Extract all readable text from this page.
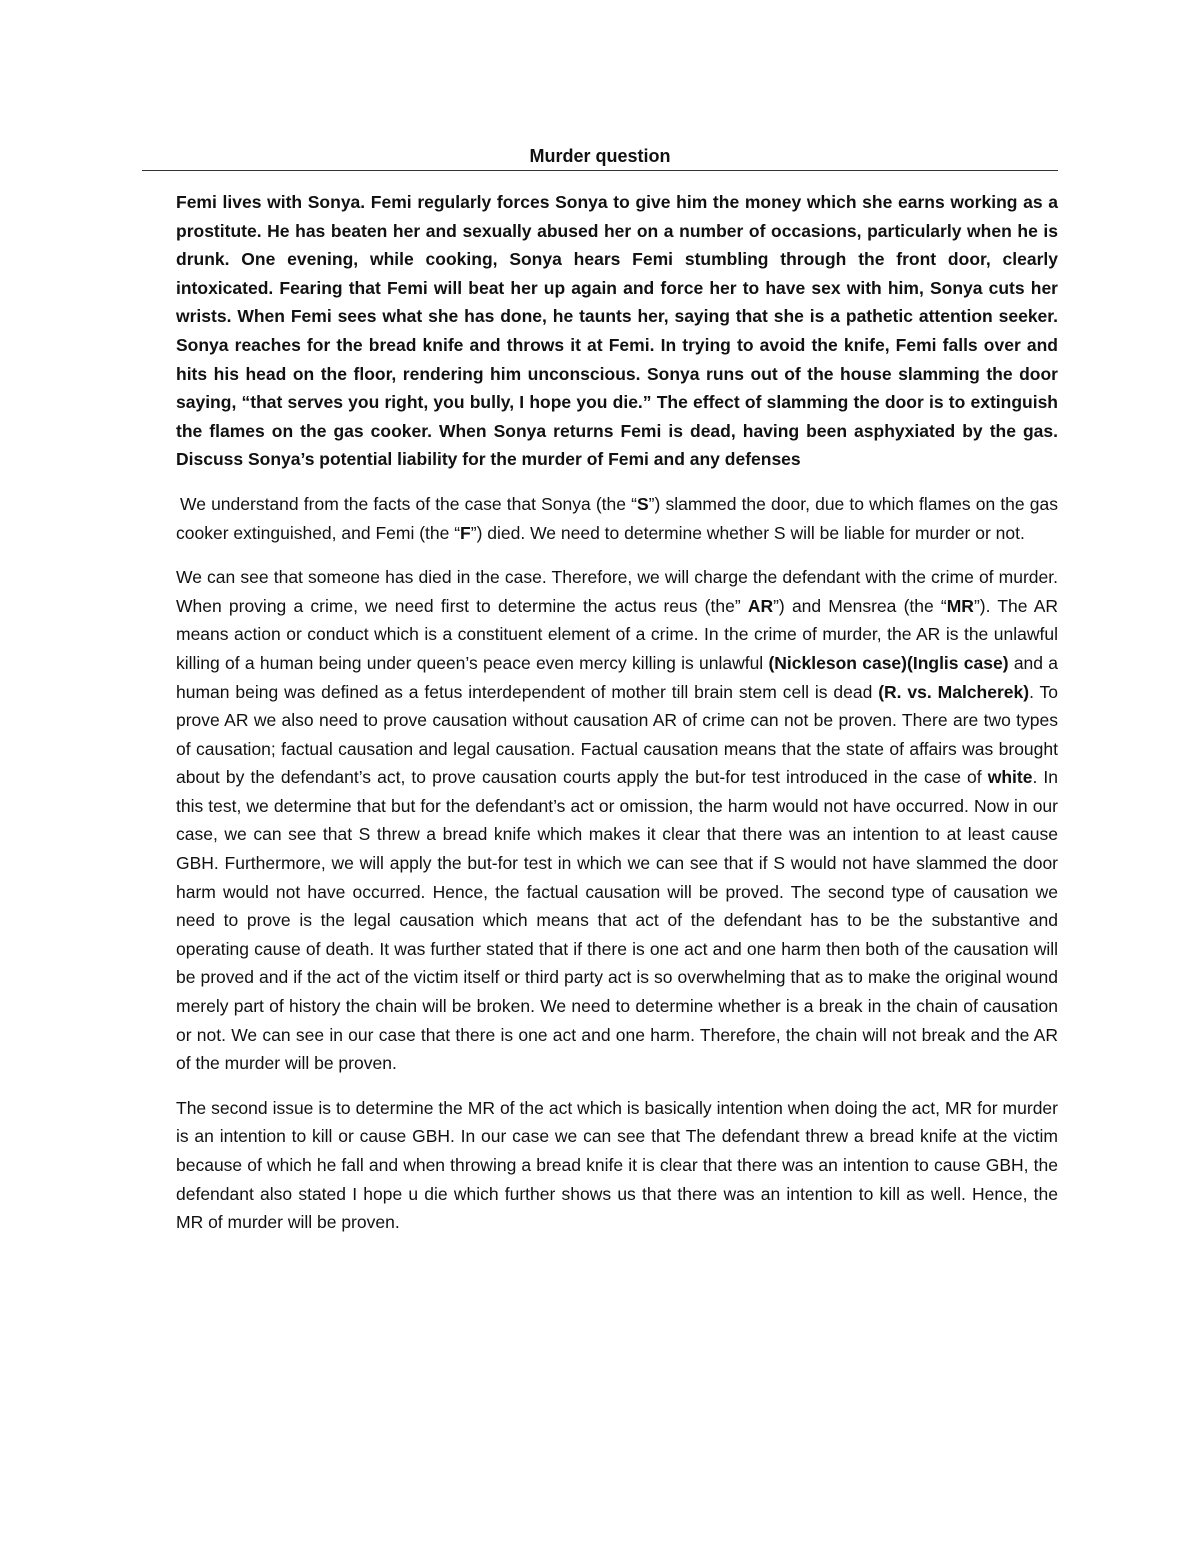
Murder question

Femi lives with Sonya. Femi regularly forces Sonya to give him the money which she earns working as a prostitute. He has beaten her and sexually abused her on a number of occasions, particularly when he is drunk. One evening, while cooking, Sonya hears Femi stumbling through the front door, clearly intoxicated. Fearing that Femi will beat her up again and force her to have sex with him, Sonya cuts her wrists. When Femi sees what she has done, he taunts her, saying that she is a pathetic attention seeker. Sonya reaches for the bread knife and throws it at Femi. In trying to avoid the knife, Femi falls over and hits his head on the floor, rendering him unconscious. Sonya runs out of the house slamming the door saying, “that serves you right, you bully, I hope you die.” The effect of slamming the door is to extinguish the flames on the gas cooker. When Sonya returns Femi is dead, having been asphyxiated by the gas. Discuss Sonya’s potential liability for the murder of Femi and any defenses

We understand from the facts of the case that Sonya (the “S”) slammed the door, due to which flames on the gas cooker extinguished, and Femi (the “F”) died. We need to determine whether S will be liable for murder or not.

We can see that someone has died in the case. Therefore, we will charge the defendant with the crime of murder. When proving a crime, we need first to determine the actus reus (the” AR”) and Mensrea (the “MR”). The AR means action or conduct which is a constituent element of a crime. In the crime of murder, the AR is the unlawful killing of a human being under queen’s peace even mercy killing is unlawful (Nickleson case)(Inglis case) and a human being was defined as a fetus interdependent of mother till brain stem cell is dead (R. vs. Malcherek). To prove AR we also need to prove causation without causation AR of crime can not be proven. There are two types of causation; factual causation and legal causation. Factual causation means that the state of affairs was brought about by the defendant’s act, to prove causation courts apply the but-for test introduced in the case of white. In this test, we determine that but for the defendant’s act or omission, the harm would not have occurred. Now in our case, we can see that S threw a bread knife which makes it clear that there was an intention to at least cause GBH. Furthermore, we will apply the but-for test in which we can see that if S would not have slammed the door harm would not have occurred. Hence, the factual causation will be proved. The second type of causation we need to prove is the legal causation which means that act of the defendant has to be the substantive and operating cause of death. It was further stated that if there is one act and one harm then both of the causation will be proved and if the act of the victim itself or third party act is so overwhelming that as to make the original wound merely part of history the chain will be broken. We need to determine whether is a break in the chain of causation or not. We can see in our case that there is one act and one harm. Therefore, the chain will not break and the AR of the murder will be proven.

The second issue is to determine the MR of the act which is basically intention when doing the act, MR for murder is an intention to kill or cause GBH. In our case we can see that The defendant threw a bread knife at the victim because of which he fall and when throwing a bread knife it is clear that there was an intention to cause GBH, the defendant also stated I hope u die which further shows us that there was an intention to kill as well. Hence, the MR of murder will be proven.
